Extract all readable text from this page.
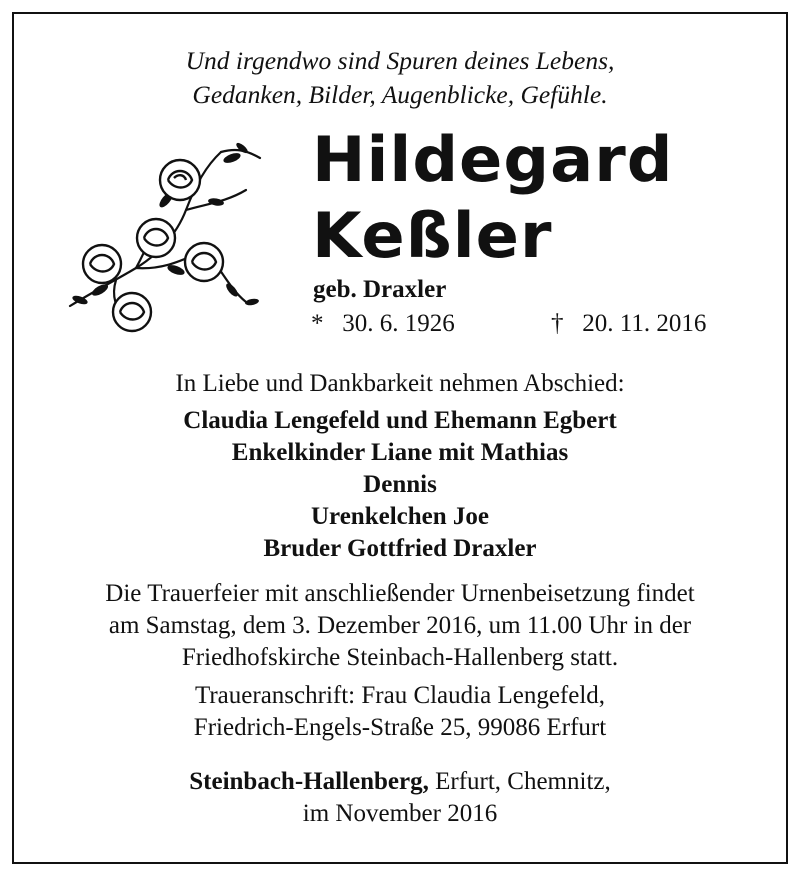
Und irgendwo sind Spuren deines Lebens,
Gedanken, Bilder, Augenblicke, Gefühle.
Hildegard
Keßler
geb. Draxler
* 30. 6. 1926	† 20. 11. 2016
In Liebe und Dankbarkeit nehmen Abschied:
Claudia Lengefeld und Ehemann Egbert
Enkelkinder Liane mit Mathias
Dennis
Urenkelchen Joe
Bruder Gottfried Draxler
Die Trauerfeier mit anschließender Urnenbeisetzung findet
am Samstag, dem 3. Dezember 2016, um 11.00 Uhr in der
Friedhofskirche Steinbach-Hallenberg statt.
Traueranschrift: Frau Claudia Lengefeld,
Friedrich-Engels-Straße 25, 99086 Erfurt
Steinbach-Hallenberg, Erfurt, Chemnitz,
im November 2016
